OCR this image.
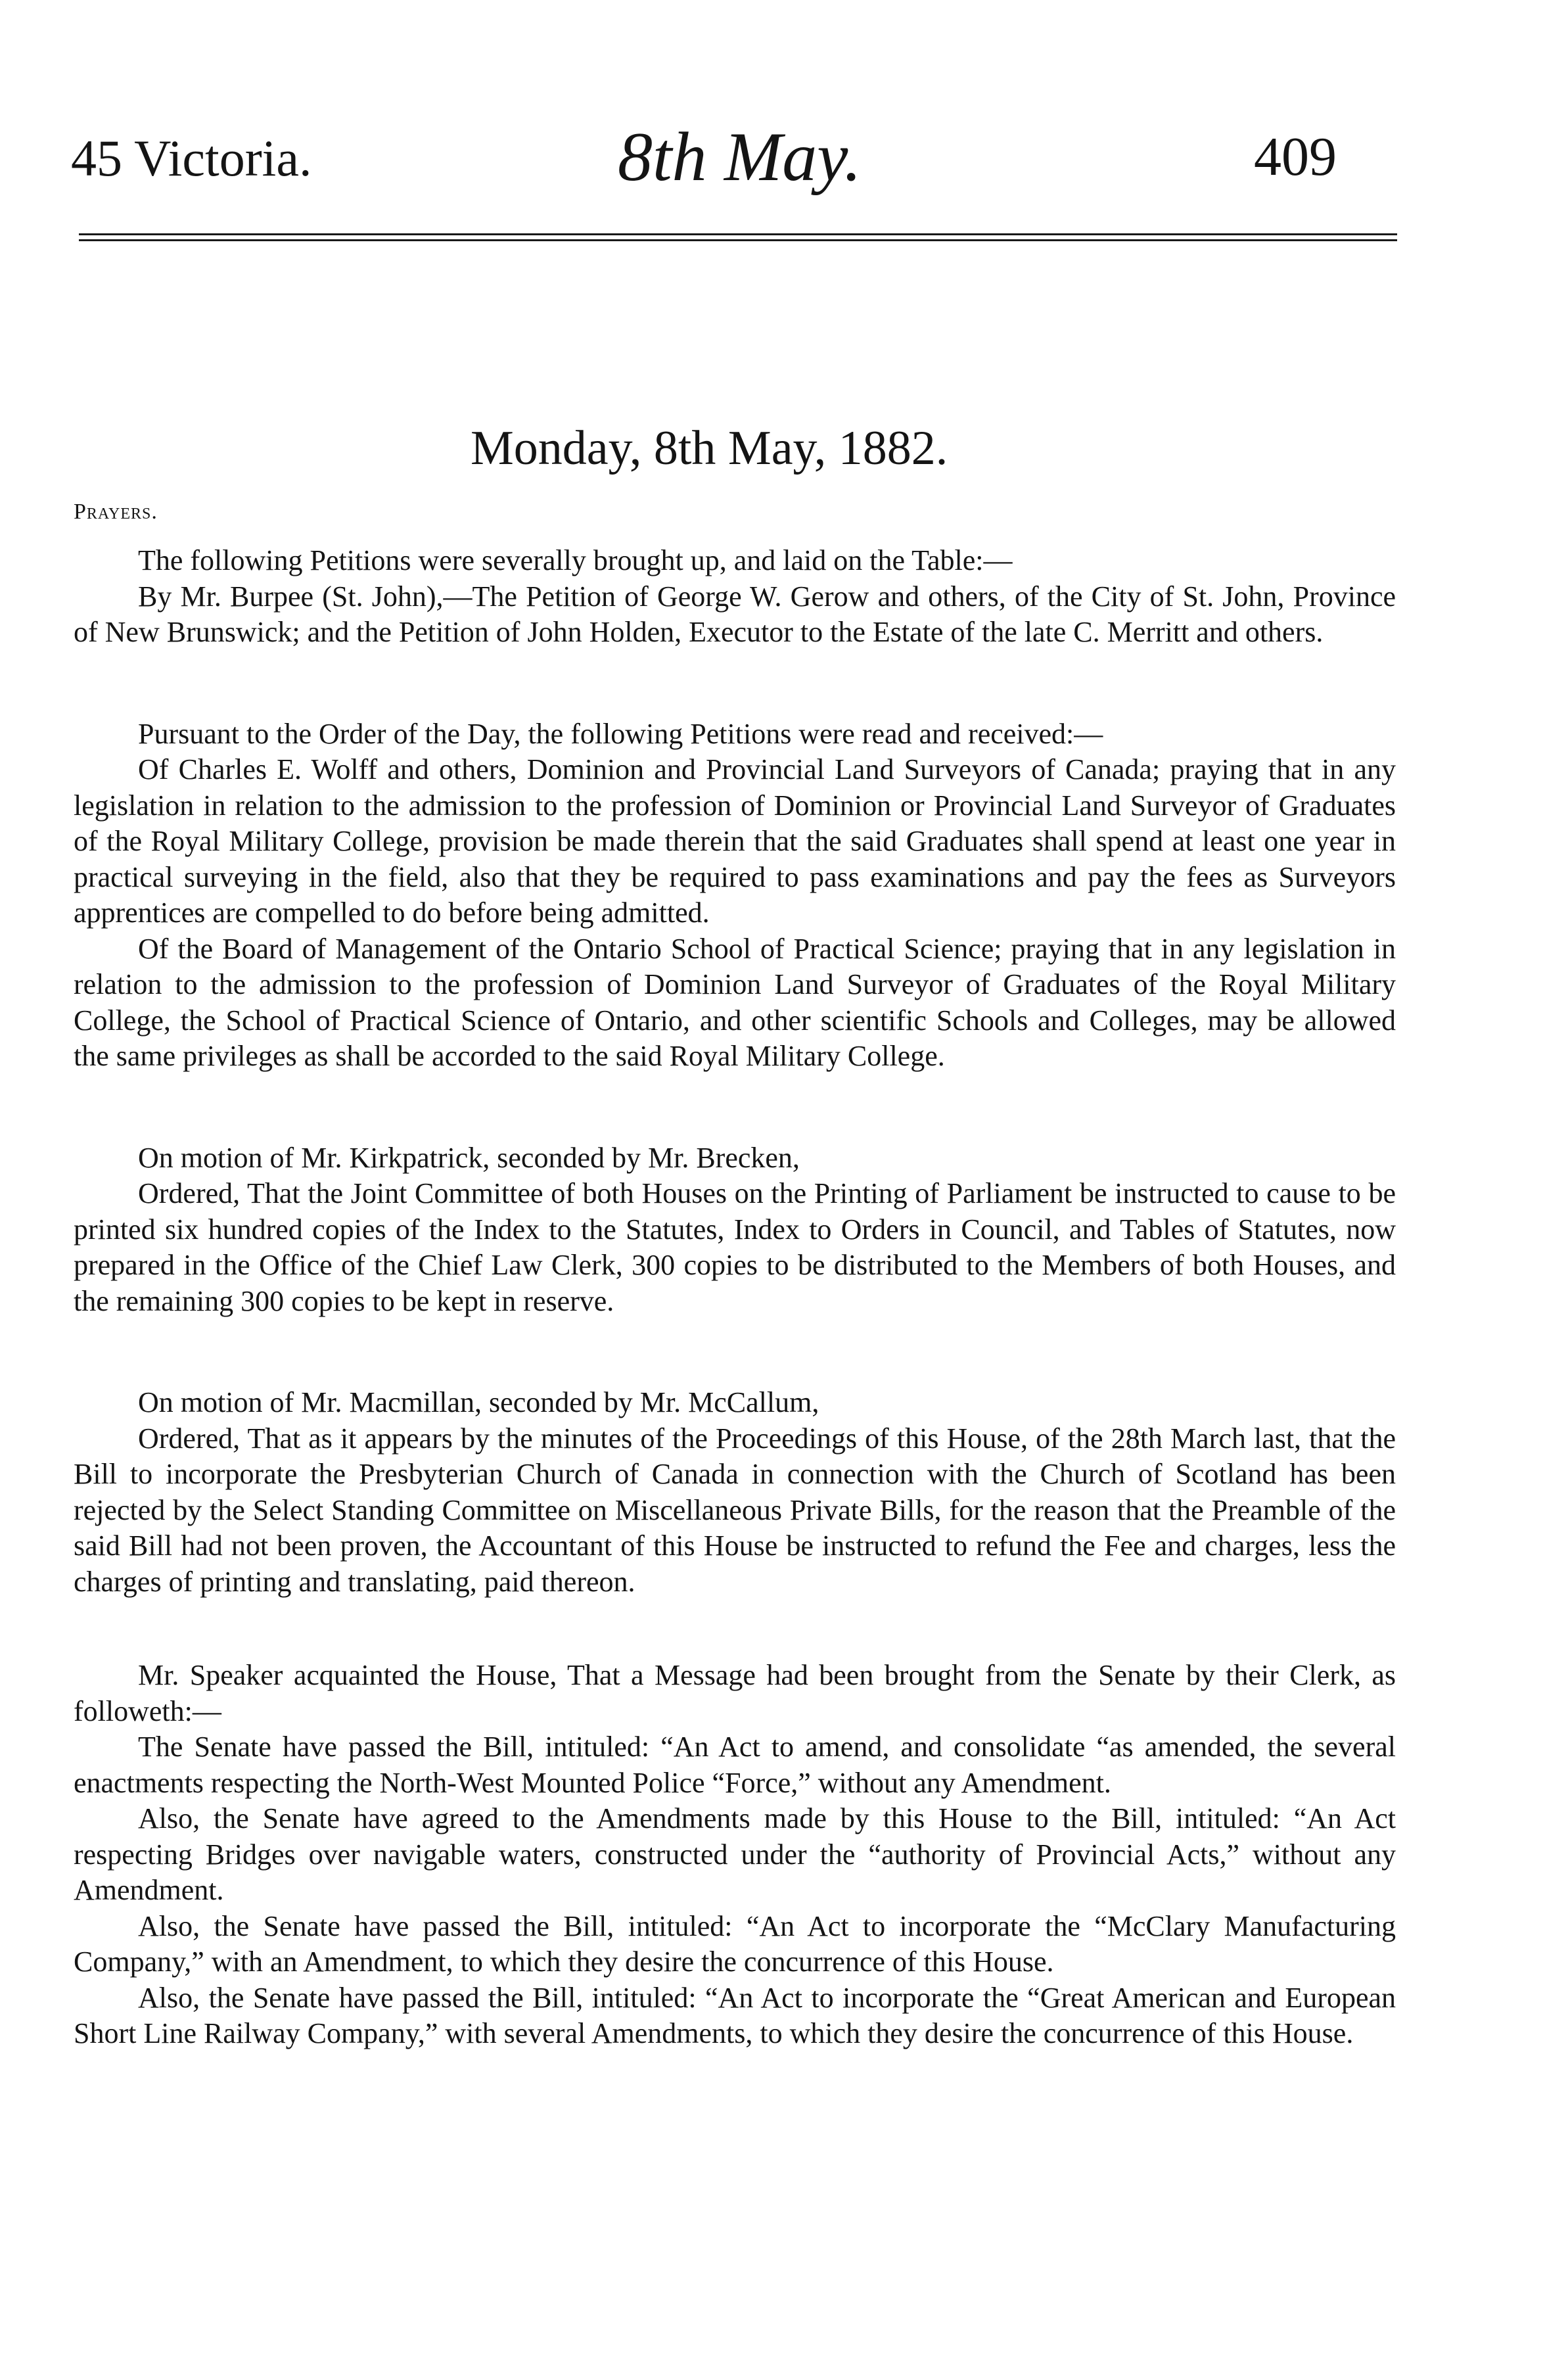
45 Victoria.	8th May.	409
Monday, 8th May, 1882.
Prayers.

The following Petitions were severally brought up, and laid on the Table:—

By Mr. Burpee (St. John),—The Petition of George W. Gerow and others, of the City of St. John, Province of New Brunswick; and the Petition of John Holden, Executor to the Estate of the late C. Merritt and others.

Pursuant to the Order of the Day, the following Petitions were read and received:—

Of Charles E. Wolff and others, Dominion and Provincial Land Surveyors of Canada; praying that in any legislation in relation to the admission to the profession of Dominion or Provincial Land Surveyor of Graduates of the Royal Military College, provision be made therein that the said Graduates shall spend at least one year in practical surveying in the field, also that they be required to pass examinations and pay the fees as Surveyors apprentices are compelled to do before being admitted.

Of the Board of Management of the Ontario School of Practical Science; praying that in any legislation in relation to the admission to the profession of Dominion Land Surveyor of Graduates of the Royal Military College, the School of Practical Science of Ontario, and other scientific Schools and Colleges, may be allowed the same privileges as shall be accorded to the said Royal Military College.

On motion of Mr. Kirkpatrick, seconded by Mr. Brecken,

Ordered, That the Joint Committee of both Houses on the Printing of Parliament be instructed to cause to be printed six hundred copies of the Index to the Statutes, Index to Orders in Council, and Tables of Statutes, now prepared in the Office of the Chief Law Clerk, 300 copies to be distributed to the Members of both Houses, and the remaining 300 copies to be kept in reserve.

On motion of Mr. Macmillan, seconded by Mr. McCallum,

Ordered, That as it appears by the minutes of the Proceedings of this House, of the 28th March last, that the Bill to incorporate the Presbyterian Church of Canada in connection with the Church of Scotland has been rejected by the Select Standing Committee on Miscellaneous Private Bills, for the reason that the Preamble of the said Bill had not been proven, the Accountant of this House be instructed to refund the Fee and charges, less the charges of printing and translating, paid thereon.

Mr. Speaker acquainted the House, That a Message had been brought from the Senate by their Clerk, as followeth:—

The Senate have passed the Bill, intituled: “An Act to amend, and consolidate “as amended, the several enactments respecting the North-West Mounted Police “Force,” without any Amendment.

Also, the Senate have agreed to the Amendments made by this House to the Bill, intituled: “An Act respecting Bridges over navigable waters, constructed under the “authority of Provincial Acts,” without any Amendment.

Also, the Senate have passed the Bill, intituled: “An Act to incorporate the “McClary Manufacturing Company,” with an Amendment, to which they desire the concurrence of this House.

Also, the Senate have passed the Bill, intituled: “An Act to incorporate the “Great American and European Short Line Railway Company,” with several Amendments, to which they desire the concurrence of this House.
